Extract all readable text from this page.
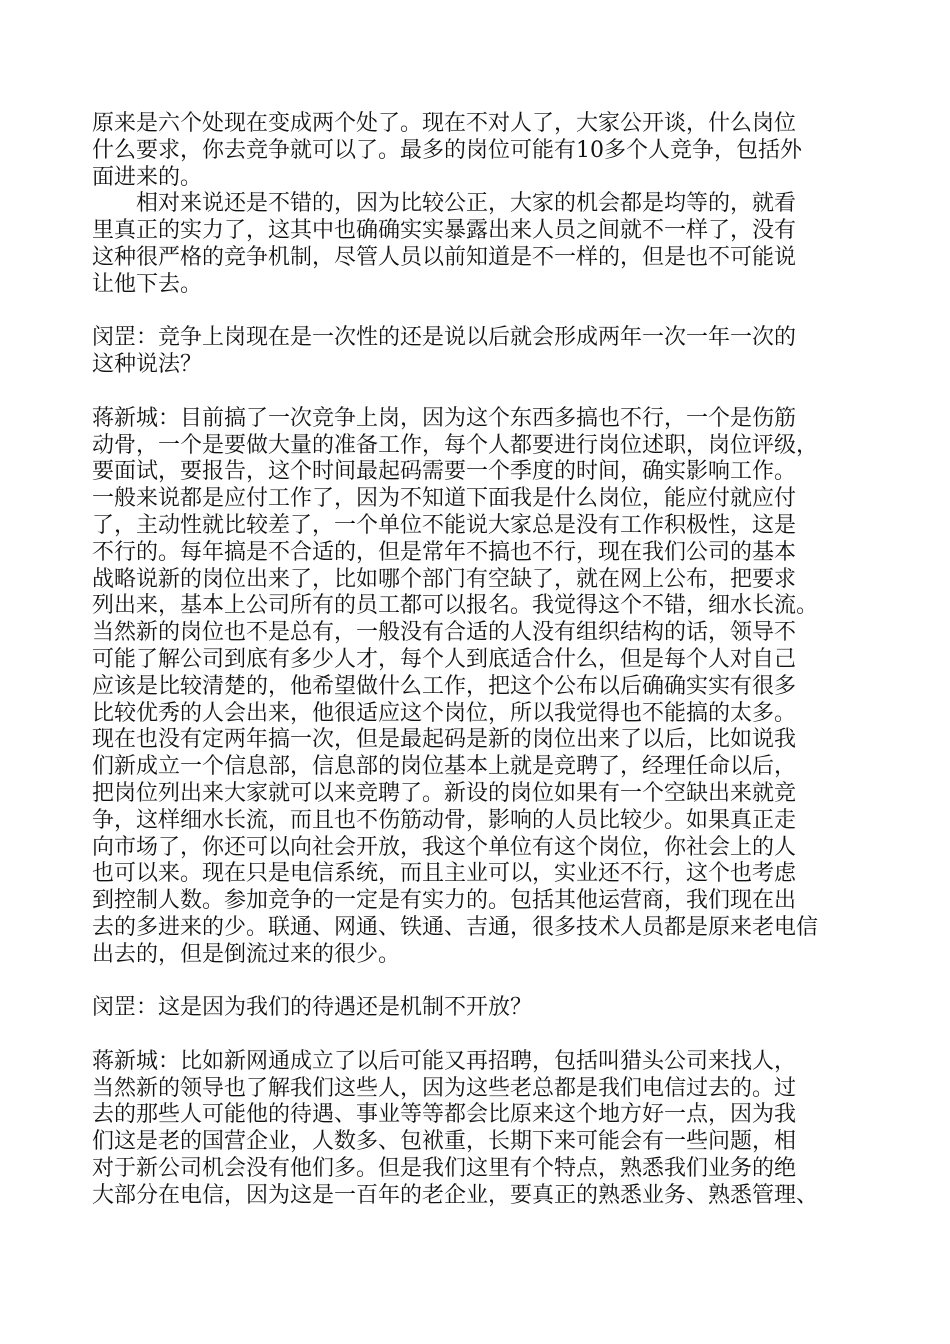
原来是六个处现在变成两个处了。现在不对人了，大家公开谈，什么岗位
什么要求，你去竞争就可以了。最多的岗位可能有10多个人竞争，包括外
面进来的。
相对来说还是不错的，因为比较公正，大家的机会都是均等的，就看
里真正的实力了，这其中也确确实实暴露出来人员之间就不一样了，没有
这种很严格的竞争机制，尽管人员以前知道是不一样的，但是也不可能说
让他下去。
闵罡：竞争上岗现在是一次性的还是说以后就会形成两年一次一年一次的
这种说法？
蒋新城：目前搞了一次竞争上岗，因为这个东西多搞也不行，一个是伤筋
动骨，一个是要做大量的准备工作，每个人都要进行岗位述职，岗位评级，
要面试，要报告，这个时间最起码需要一个季度的时间，确实影响工作。
一般来说都是应付工作了，因为不知道下面我是什么岗位，能应付就应付
了，主动性就比较差了，一个单位不能说大家总是没有工作积极性，这是
不行的。每年搞是不合适的，但是常年不搞也不行，现在我们公司的基本
战略说新的岗位出来了，比如哪个部门有空缺了，就在网上公布，把要求
列出来，基本上公司所有的员工都可以报名。我觉得这个不错，细水长流。
当然新的岗位也不是总有，一般没有合适的人没有组织结构的话，领导不
可能了解公司到底有多少人才，每个人到底适合什么，但是每个人对自己
应该是比较清楚的，他希望做什么工作，把这个公布以后确确实实有很多
比较优秀的人会出来，他很适应这个岗位，所以我觉得也不能搞的太多。
现在也没有定两年搞一次，但是最起码是新的岗位出来了以后，比如说我
们新成立一个信息部，信息部的岗位基本上就是竞聘了，经理任命以后，
把岗位列出来大家就可以来竞聘了。新设的岗位如果有一个空缺出来就竞
争，这样细水长流，而且也不伤筋动骨，影响的人员比较少。如果真正走
向市场了，你还可以向社会开放，我这个单位有这个岗位，你社会上的人
也可以来。现在只是电信系统，而且主业可以，实业还不行，这个也考虑
到控制人数。参加竞争的一定是有实力的。包括其他运营商，我们现在出
去的多进来的少。联通、网通、铁通、吉通，很多技术人员都是原来老电信
出去的，但是倒流过来的很少。
闵罡：这是因为我们的待遇还是机制不开放？
蒋新城：比如新网通成立了以后可能又再招聘，包括叫猎头公司来找人，
当然新的领导也了解我们这些人，因为这些老总都是我们电信过去的。过
去的那些人可能他的待遇、事业等等都会比原来这个地方好一点，因为我
们这是老的国营企业，人数多、包袱重，长期下来可能会有一些问题，相
对于新公司机会没有他们多。但是我们这里有个特点，熟悉我们业务的绝
大部分在电信，因为这是一百年的老企业，要真正的熟悉业务、熟悉管理、
